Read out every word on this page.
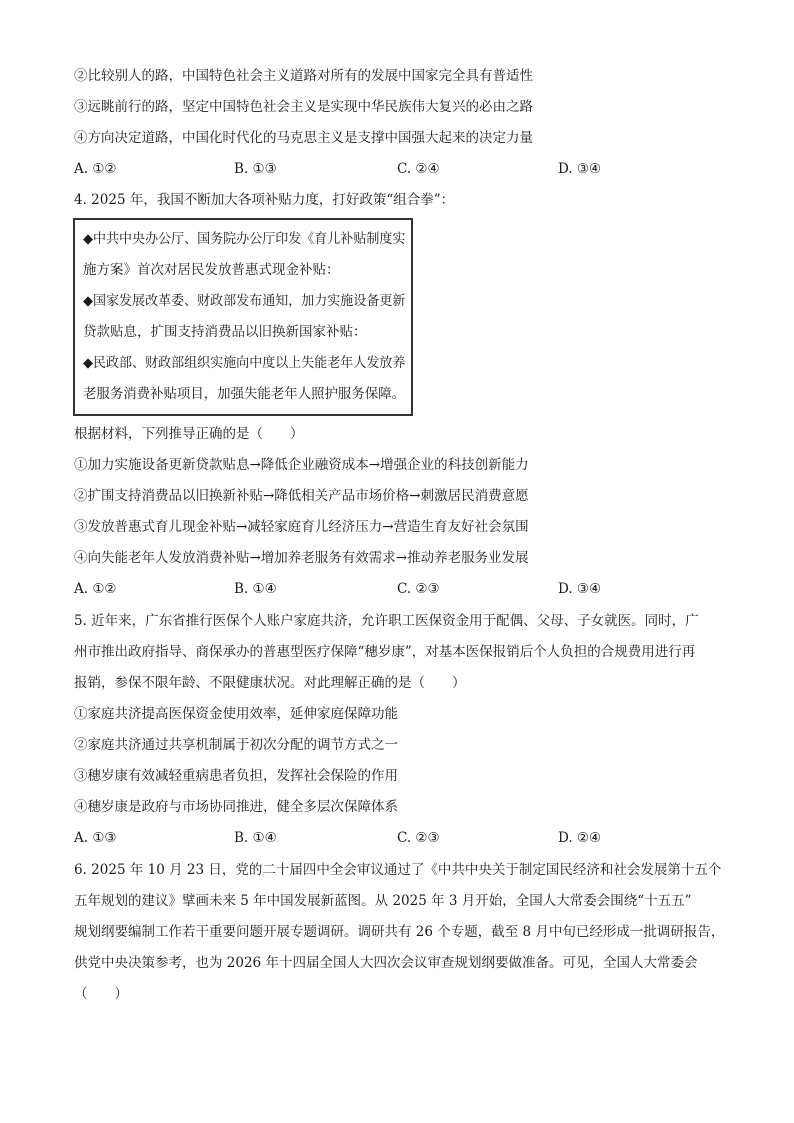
②比较别人的路，中国特色社会主义道路对所有的发展中国家完全具有普适性
③远眺前行的路，坚定中国特色社会主义是实现中华民族伟大复兴的必由之路
④方向决定道路，中国化时代化的马克思主义是支撑中国强大起来的决定力量
A. ①②	B. ①③	C. ②④	D. ③④
4. 2025 年，我国不断加大各项补贴力度，打好政策“组合拳”：
◆中共中央办公厅、国务院办公厅印发《育儿补贴制度实
施方案》首次对居民发放普惠式现金补贴：
◆国家发展改革委、财政部发布通知，加力实施设备更新
贷款贴息，扩围支持消费品以旧换新国家补贴：
◆民政部、财政部组织实施向中度以上失能老年人发放养
老服务消费补贴项目，加强失能老年人照护服务保障。
根据材料，下列推导正确的是（　　）
①加力实施设备更新贷款贴息→降低企业融资成本→增强企业的科技创新能力
②扩围支持消费品以旧换新补贴→降低相关产品市场价格→刺激居民消费意愿
③发放普惠式育儿现金补贴→减轻家庭育儿经济压力→营造生育友好社会氛围
④向失能老年人发放消费补贴→增加养老服务有效需求→推动养老服务业发展
A. ①②	B. ①④	C. ②③	D. ③④
5. 近年来，广东省推行医保个人账户家庭共济，允许职工医保资金用于配偶、父母、子女就医。同时，广
州市推出政府指导、商保承办的普惠型医疗保障“穗岁康”，对基本医保报销后个人负担的合规费用进行再
报销，参保不限年龄、不限健康状况。对此理解正确的是（　　）
①家庭共济提高医保资金使用效率，延伸家庭保障功能
②家庭共济通过共享机制属于初次分配的调节方式之一
③穗岁康有效减轻重病患者负担，发挥社会保险的作用
④穗岁康是政府与市场协同推进，健全多层次保障体系
A. ①③	B. ①④	C. ②③	D. ②④
6. 2025 年 10 月 23 日，党的二十届四中全会审议通过了《中共中央关于制定国民经济和社会发展第十五个
五年规划的建议》擘画未来 5 年中国发展新蓝图。从 2025 年 3 月开始，全国人大常委会围绕“十五五”
规划纲要编制工作若干重要问题开展专题调研。调研共有 26 个专题，截至 8 月中旬已经形成一批调研报告，
供党中央决策参考，也为 2026 年十四届全国人大四次会议审查规划纲要做准备。可见，全国人大常委会
（　　）
